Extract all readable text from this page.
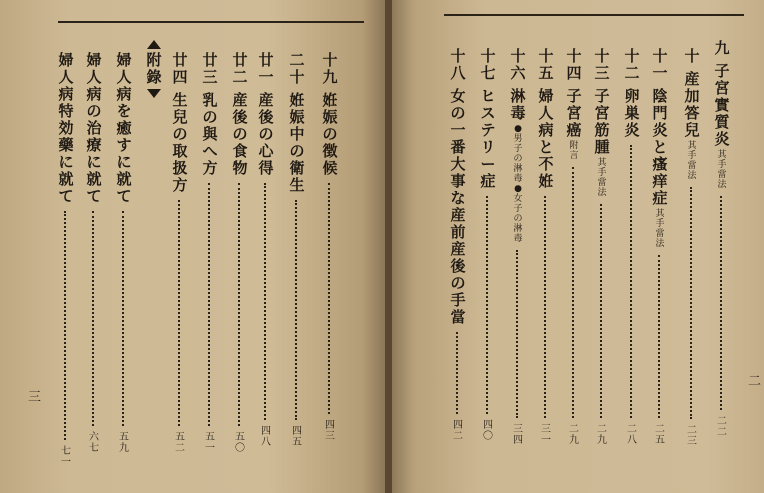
十
九
姙
娠
の
徴
候
四
三
二
十
姙
娠
中
の
衛
生
四
五
廿
一
産
後
の
心
得
四
八
廿
二
産
後
の
食
物
五
〇
廿
三
乳
の
與
へ
方
五
一
廿
四
生
兒
の
取
扱
方
五
二
附
錄
婦
人
病
を
癒
す
に
就
て
五
九
婦
人
病
の
治
療
に
就
て
六
七
婦
人
病
特
効
藥
に
就
て
七
一
三
九
子
宮
實
質
炎
其
手
當
法
二
二
十
産
加
答
兒
其
手
當
法
二
三
十
一
陰
門
炎
と
瘙
痒
症
其
手
當
法
二
五
十
二
卵
巣
炎
二
八
十
三
子
宮
筋
腫
其
手
當
法
二
九
十
四
子
宮
癌
附
言
二
九
十
五
婦
人
病
と
不
姙
三
一
十
六
淋
毒
●
男
子
の
淋
毒
●
女
子
の
淋
毒
三
四
十
七
ヒ
ス
テ
リ
ー
症
四
〇
十
八
女
の
一
番
大
事
な
産
前
産
後
の
手
當
四
二
二
